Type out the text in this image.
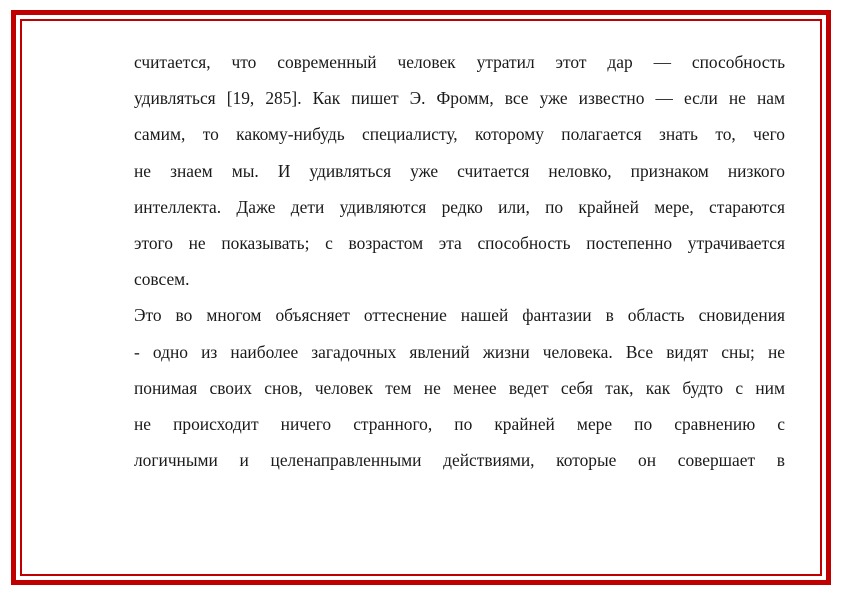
считается, что современный человек утратил этот дар — способность
удивляться [19, 285]. Как пишет Э. Фромм, все уже известно — если не нам
самим, то какому-нибудь специалисту, которому полагается знать то, чего
не знаем мы. И удивляться уже считается неловко, признаком низкого
интеллекта. Даже дети удивляются редко или, по крайней мере, стараются
этого не показывать; с возрастом эта способность постепенно утрачивается
совсем.
Это во многом объясняет оттеснение нашей фантазии в область сновидения
- одно из наиболее загадочных явлений жизни человека. Все видят сны; не
понимая своих снов, человек тем не менее ведет себя так, как будто с ним
не происходит ничего странного, по крайней мере по сравнению с
логичными и целенаправленными действиями, которые он совершает в
